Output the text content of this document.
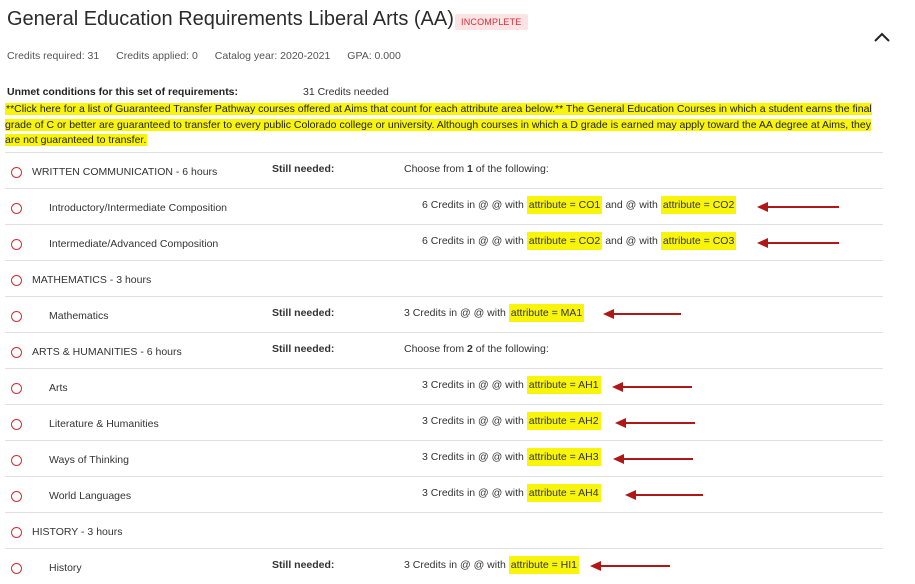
General Education Requirements Liberal Arts (AA) INCOMPLETE
Credits required: 31 Credits applied: 0 Catalog year: 2020-2021 GPA: 0.000
Unmet conditions for this set of requirements:	31 Credits needed
**Click here for a list of Guaranteed Transfer Pathway courses offered at Aims that count for each attribute area below.** The General Education Courses in which a student earns the final grade of C or better are guaranteed to transfer to every public Colorado college or university. Although courses in which a D grade is earned may apply toward the AA degree at Aims, they are not guaranteed to transfer.
WRITTEN COMMUNICATION - 6 hours	Still needed:	Choose from 1 of the following:
Introductory/Intermediate Composition	6 Credits in @ @ with attribute = CO1 and @ with attribute = CO2
Intermediate/Advanced Composition	6 Credits in @ @ with attribute = CO2 and @ with attribute = CO3
MATHEMATICS - 3 hours
Mathematics	Still needed:	3 Credits in @ @ with attribute = MA1
ARTS & HUMANITIES - 6 hours	Still needed:	Choose from 2 of the following:
Arts	3 Credits in @ @ with attribute = AH1
Literature & Humanities	3 Credits in @ @ with attribute = AH2
Ways of Thinking	3 Credits in @ @ with attribute = AH3
World Languages	3 Credits in @ @ with attribute = AH4
HISTORY - 3 hours
History	Still needed:	3 Credits in @ @ with attribute = HI1
